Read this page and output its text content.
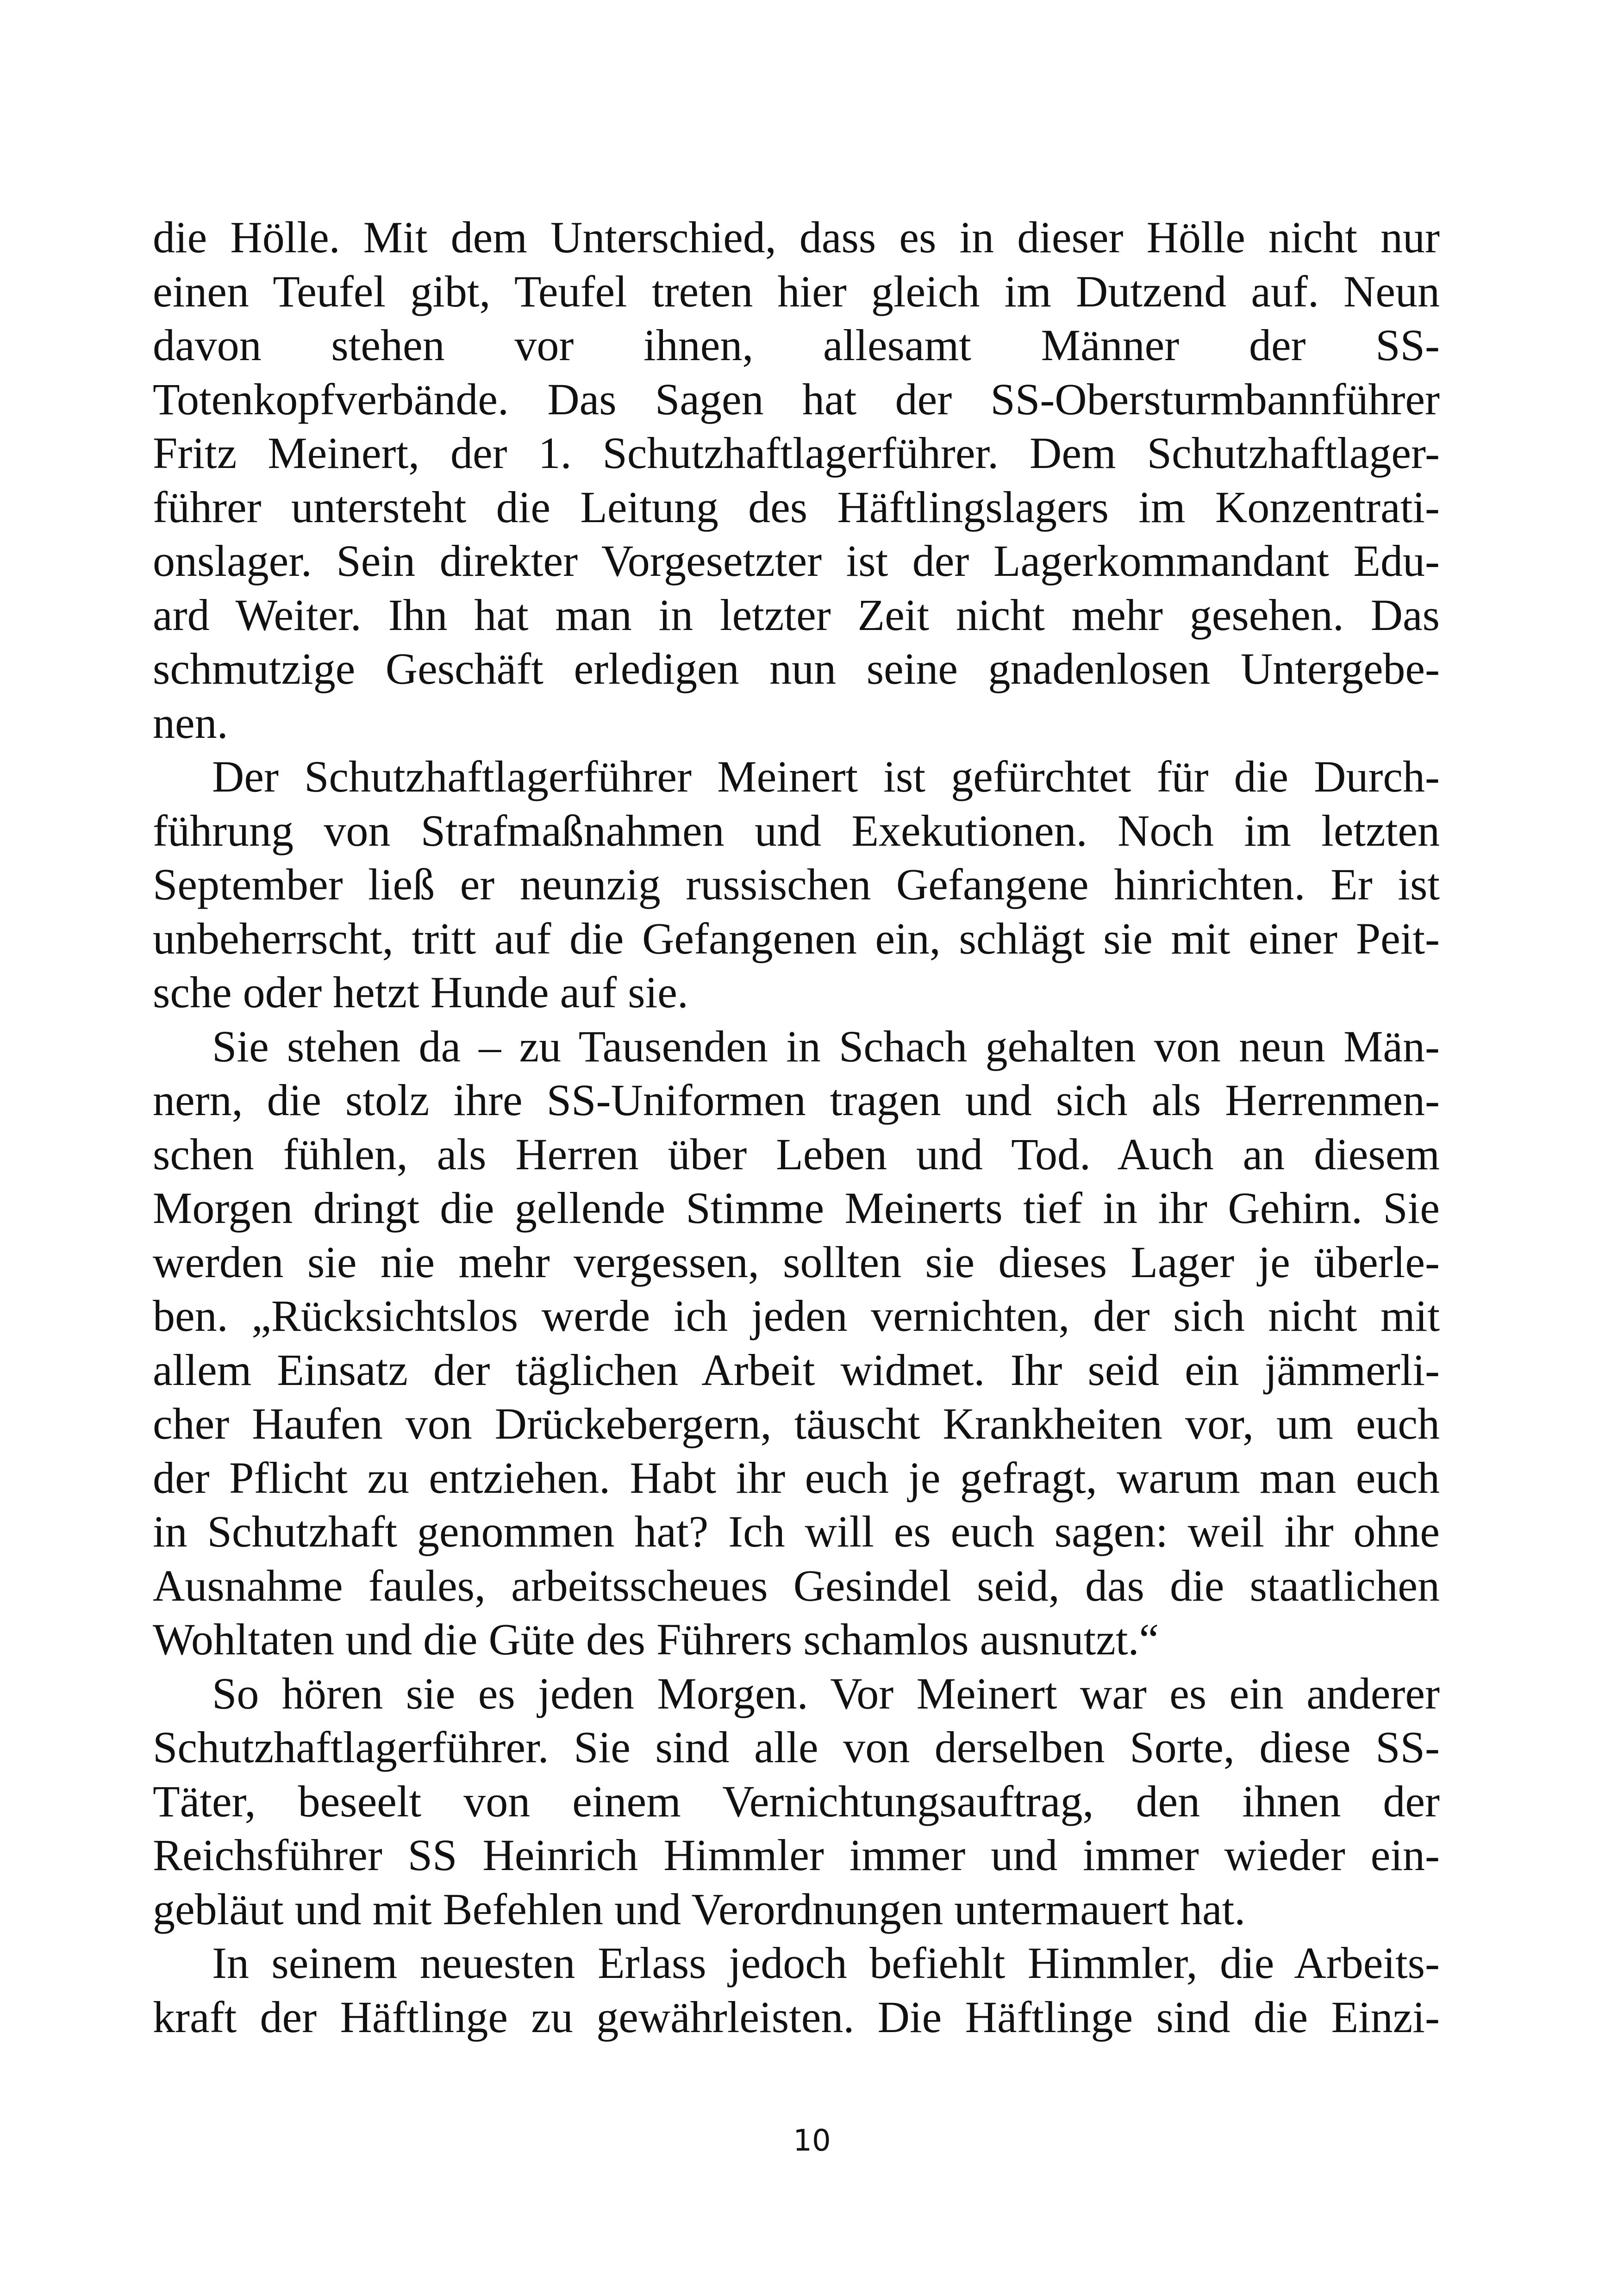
die Hölle. Mit dem Unterschied, dass es in dieser Hölle nicht nur
einen Teufel gibt, Teufel treten hier gleich im Dutzend auf. Neun
davon stehen vor ihnen, allesamt Männer der SS-
Totenkopfverbände. Das Sagen hat der SS-Obersturmbannführer
Fritz Meinert, der 1. Schutzhaftlagerführer. Dem Schutzhaftlager-
führer untersteht die Leitung des Häftlingslagers im Konzentrati-
onslager. Sein direkter Vorgesetzter ist der Lagerkommandant Edu-
ard Weiter. Ihn hat man in letzter Zeit nicht mehr gesehen. Das
schmutzige Geschäft erledigen nun seine gnadenlosen Untergebe-
nen.
Der Schutzhaftlagerführer Meinert ist gefürchtet für die Durch-
führung von Strafmaßnahmen und Exekutionen. Noch im letzten
September ließ er neunzig russischen Gefangene hinrichten. Er ist
unbeherrscht, tritt auf die Gefangenen ein, schlägt sie mit einer Peit-
sche oder hetzt Hunde auf sie.
Sie stehen da – zu Tausenden in Schach gehalten von neun Män-
nern, die stolz ihre SS-Uniformen tragen und sich als Herrenmen-
schen fühlen, als Herren über Leben und Tod. Auch an diesem
Morgen dringt die gellende Stimme Meinerts tief in ihr Gehirn. Sie
werden sie nie mehr vergessen, sollten sie dieses Lager je überle-
ben. „Rücksichtslos werde ich jeden vernichten, der sich nicht mit
allem Einsatz der täglichen Arbeit widmet. Ihr seid ein jämmerli-
cher Haufen von Drückebergern, täuscht Krankheiten vor, um euch
der Pflicht zu entziehen. Habt ihr euch je gefragt, warum man euch
in Schutzhaft genommen hat? Ich will es euch sagen: weil ihr ohne
Ausnahme faules, arbeitsscheues Gesindel seid, das die staatlichen
Wohltaten und die Güte des Führers schamlos ausnutzt.“
So hören sie es jeden Morgen. Vor Meinert war es ein anderer
Schutzhaftlagerführer. Sie sind alle von derselben Sorte, diese SS-
Täter, beseelt von einem Vernichtungsauftrag, den ihnen der
Reichsführer SS Heinrich Himmler immer und immer wieder ein-
gebläut und mit Befehlen und Verordnungen untermauert hat.
In seinem neuesten Erlass jedoch befiehlt Himmler, die Arbeits-
kraft der Häftlinge zu gewährleisten. Die Häftlinge sind die Einzi-
10
